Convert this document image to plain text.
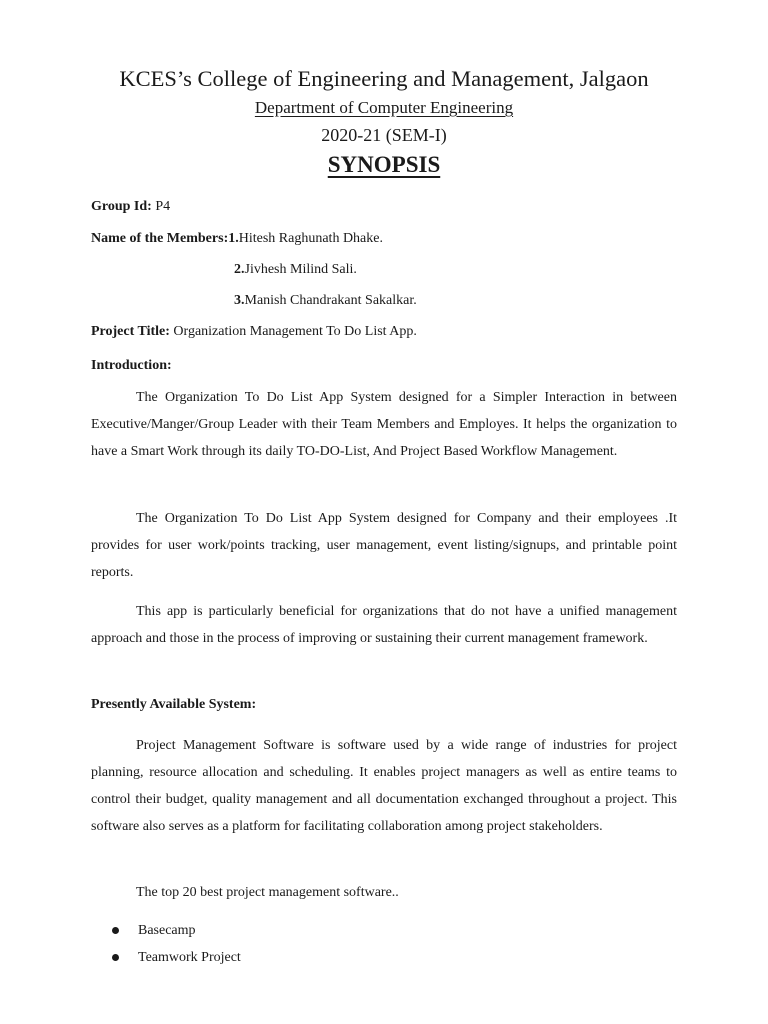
KCES’s College of Engineering and Management, Jalgaon
Department of Computer Engineering
2020-21 (SEM-I)
SYNOPSIS
Group Id: P4
Name of the Members:1.Hitesh Raghunath Dhake.
2.Jivhesh Milind Sali.
3.Manish Chandrakant Sakalkar.
Project Title: Organization Management To Do List App.
Introduction:
The Organization To Do List App System designed for a Simpler Interaction in between Executive/Manger/Group Leader with their Team Members and Employes. It helps the organization to have a Smart Work through its daily TO-DO-List, And Project Based Workflow Management.
The Organization To Do List App System designed for Company and their employees .It provides for user work/points tracking, user management, event listing/signups, and printable point reports.
This app is particularly beneficial for organizations that do not have a unified management approach and those in the process of improving or sustaining their current management framework.
Presently Available System:
Project Management Software is software used by a wide range of industries for project planning, resource allocation and scheduling. It enables project managers as well as entire teams to control their budget, quality management and all documentation exchanged throughout a project. This software also serves as a platform for facilitating collaboration among project stakeholders.
The top 20 best project management software..
Basecamp
Teamwork Project
